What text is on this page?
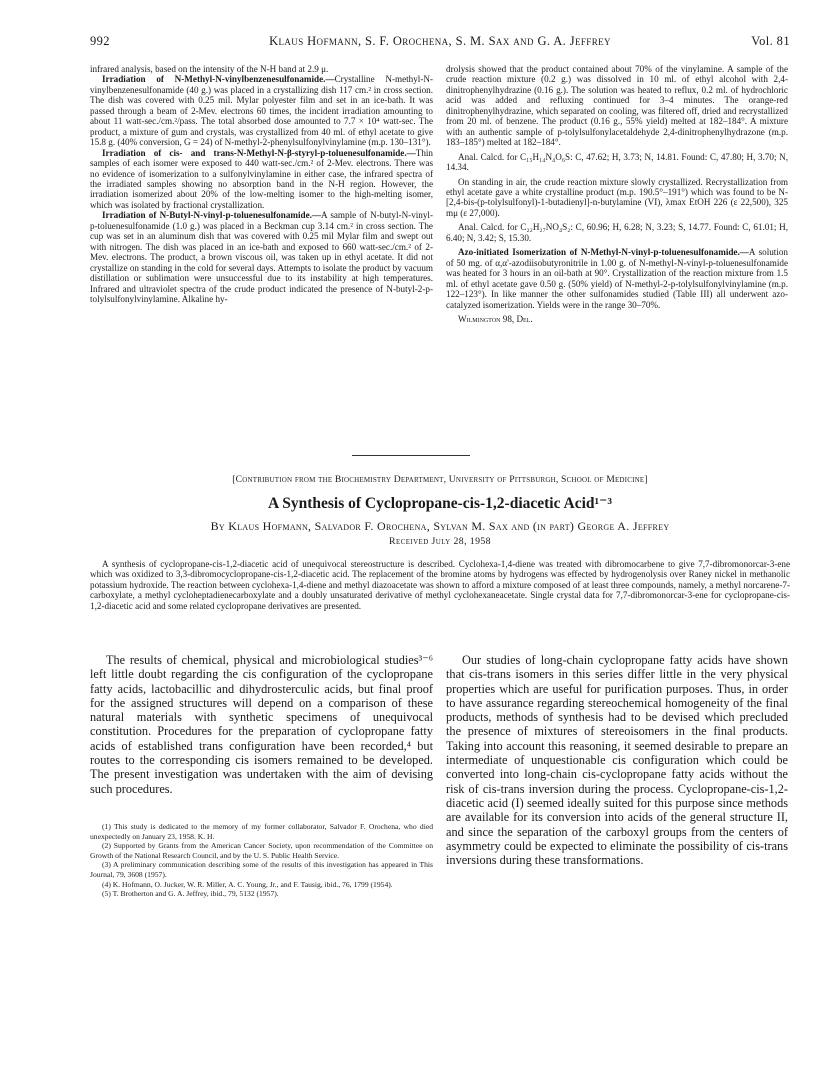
992	Klaus Hofmann, S. F. Orochena, S. M. Sax and G. A. Jeffrey	Vol. 81

infrared analysis, based on the intensity of the N-H band at 2.9 μ.

Irradiation of N-Methyl-N-vinylbenzenesulfonamide.—Crystalline N-methyl-N-vinylbenzenesulfonamide (40 g.) was placed in a crystallizing dish 117 cm.² in cross section. The dish was covered with 0.25 mil. Mylar polyester film and set in an ice-bath. It was passed through a beam of 2-Mev. electrons 60 times, the incident irradiation amounting to about 11 watt-sec./cm.²/pass. The total absorbed dose amounted to 7.7 × 10⁴ watt-sec. The product, a mixture of gum and crystals, was crystallized from 40 ml. of ethyl acetate to give 15.8 g. (40% conversion, G = 24) of N-methyl-2-phenylsulfonylvinylamine (m.p. 130–131°).

Irradiation of cis- and trans-N-Methyl-N-β-styryl-p-toluenesulfonamide.—Thin samples of each isomer were exposed to 440 watt-sec./cm.² of 2-Mev. electrons. There was no evidence of isomerization to a sulfonylvinylamine in either case, the infrared spectra of the irradiated samples showing no absorption band in the N-H region. However, the irradiation isomerized about 20% of the low-melting isomer to the high-melting isomer, which was isolated by fractional crystallization.

Irradiation of N-Butyl-N-vinyl-p-toluenesulfonamide.—A sample of N-butyl-N-vinyl-p-toluenesulfonamide (1.0 g.) was placed in a Beckman cup 3.14 cm.² in cross section. The cup was set in an aluminum dish that was covered with 0.25 mil Mylar film and swept out with nitrogen. The dish was placed in an ice-bath and exposed to 660 watt-sec./cm.² of 2-Mev. electrons. The product, a brown viscous oil, was taken up in ethyl acetate. It did not crystallize on standing in the cold for several days. Attempts to isolate the product by vacuum distillation or sublimation were unsuccessful due to its instability at high temperatures. Infrared and ultraviolet spectra of the crude product indicated the presence of N-butyl-2-p-tolylsulfonylvinylamine. Alkaline hy-

drolysis showed that the product contained about 70% of the vinylamine. A sample of the crude reaction mixture (0.2 g.) was dissolved in 10 ml. of ethyl alcohol with 2,4-dinitrophenylhydrazine (0.16 g.). The solution was heated to reflux, 0.2 ml. of hydrochloric acid was added and refluxing continued for 3–4 minutes. The orange-red dinitrophenylhydrazine, which separated on cooling, was filtered off, dried and recrystallized from 20 ml. of benzene. The product (0.16 g., 55% yield) melted at 182–184°. A mixture with an authentic sample of p-tolylsulfonylacetaldehyde 2,4-dinitrophenylhydrazone (m.p. 183–185°) melted at 182–184°.

Anal. Calcd. for C₁₅H₁₄N₄O₆S: C, 47.62; H, 3.73; N, 14.81. Found: C, 47.80; H, 3.70; N, 14.34.

On standing in air, the crude reaction mixture slowly crystallized. Recrystallization from ethyl acetate gave a white crystalline product (m.p. 190.5°–191°) which was found to be N-[2,4-bis-(p-tolylsulfonyl)-1-butadienyl]-n-butylamine (VI), λmax EtOH 226 (ε 22,500), 325 mμ (ε 27,000).

Anal. Calcd. for C₂₂H₂₇NO₄S₂: C, 60.96; H, 6.28; N, 3.23; S, 14.77. Found: C, 61.01; H, 6.40; N, 3.42; S, 15.30.

Azo-initiated Isomerization of N-Methyl-N-vinyl-p-toluenesulfonamide.—A solution of 50 mg. of α,α'-azodiisobutyronitrile in 1.00 g. of N-methyl-N-vinyl-p-toluenesulfonamide was heated for 3 hours in an oil-bath at 90°. Crystallization of the reaction mixture from 1.5 ml. of ethyl acetate gave 0.50 g. (50% yield) of N-methyl-2-p-tolylsulfonylvinylamine (m.p. 122–123°). In like manner the other sulfonamides studied (Table III) all underwent azo-catalyzed isomerization. Yields were in the range 30–70%.

Wilmington 98, Del.

[Contribution from the Biochemistry Department, University of Pittsburgh, School of Medicine]
A Synthesis of Cyclopropane-cis-1,2-diacetic Acid¹⁻³
By Klaus Hofmann, Salvador F. Orochena, Sylvan M. Sax and (in part) George A. Jeffrey
Received July 28, 1958

A synthesis of cyclopropane-cis-1,2-diacetic acid of unequivocal stereostructure is described. Cyclohexa-1,4-diene was treated with dibromocarbene to give 7,7-dibromonorcar-3-ene which was oxidized to 3,3-dibromocyclopropane-cis-1,2-diacetic acid. The replacement of the bromine atoms by hydrogens was effected by hydrogenolysis over Raney nickel in methanolic potassium hydroxide. The reaction between cyclohexa-1,4-diene and methyl diazoacetate was shown to afford a mixture composed of at least three compounds, namely, a methyl norcarene-7-carboxylate, a methyl cycloheptadienecarboxylate and a doubly unsaturated derivative of methyl cyclohexaneacetate. Single crystal data for 7,7-dibromonorcar-3-ene for cyclopropane-cis-1,2-diacetic acid and some related cyclopropane derivatives are presented.

The results of chemical, physical and microbiological studies³⁻⁶ left little doubt regarding the cis configuration of the cyclopropane fatty acids, lactobacillic and dihydrosterculic acids, but final proof for the assigned structures will depend on a comparison of these natural materials with synthetic specimens of unequivocal constitution. Procedures for the preparation of cyclopropane fatty acids of established trans configuration have been recorded,⁴ but routes to the corresponding cis isomers remained to be developed. The present investigation was undertaken with the aim of devising such procedures.

(1) This study is dedicated to the memory of my former collaborator, Salvador F. Orochena, who died unexpectedly on January 23, 1958. K. H.

(2) Supported by Grants from the American Cancer Society, upon recommendation of the Committee on Growth of the National Research Council, and by the U. S. Public Health Service.

(3) A preliminary communication describing some of the results of this investigation has appeared in This Journal, 79, 3608 (1957).

(4) K. Hofmann, O. Jucker, W. R. Miller, A. C. Young, Jr., and F. Tausig, ibid., 76, 1799 (1954).

(5) T. Brotherton and G. A. Jeffrey, ibid., 79, 5132 (1957).

Our studies of long-chain cyclopropane fatty acids have shown that cis-trans isomers in this series differ little in the very physical properties which are useful for purification purposes. Thus, in order to have assurance regarding stereochemical homogeneity of the final products, methods of synthesis had to be devised which precluded the presence of mixtures of stereoisomers in the final products. Taking into account this reasoning, it seemed desirable to prepare an intermediate of unquestionable cis configuration which could be converted into long-chain cis-cyclopropane fatty acids without the risk of cis-trans inversion during the process. Cyclopropane-cis-1,2-diacetic acid (I) seemed ideally suited for this purpose since methods are available for its conversion into acids of the general structure II, and since the separation of the carboxyl groups from the centers of asymmetry could be expected to eliminate the possibility of cis-trans inversions during these transformations.
